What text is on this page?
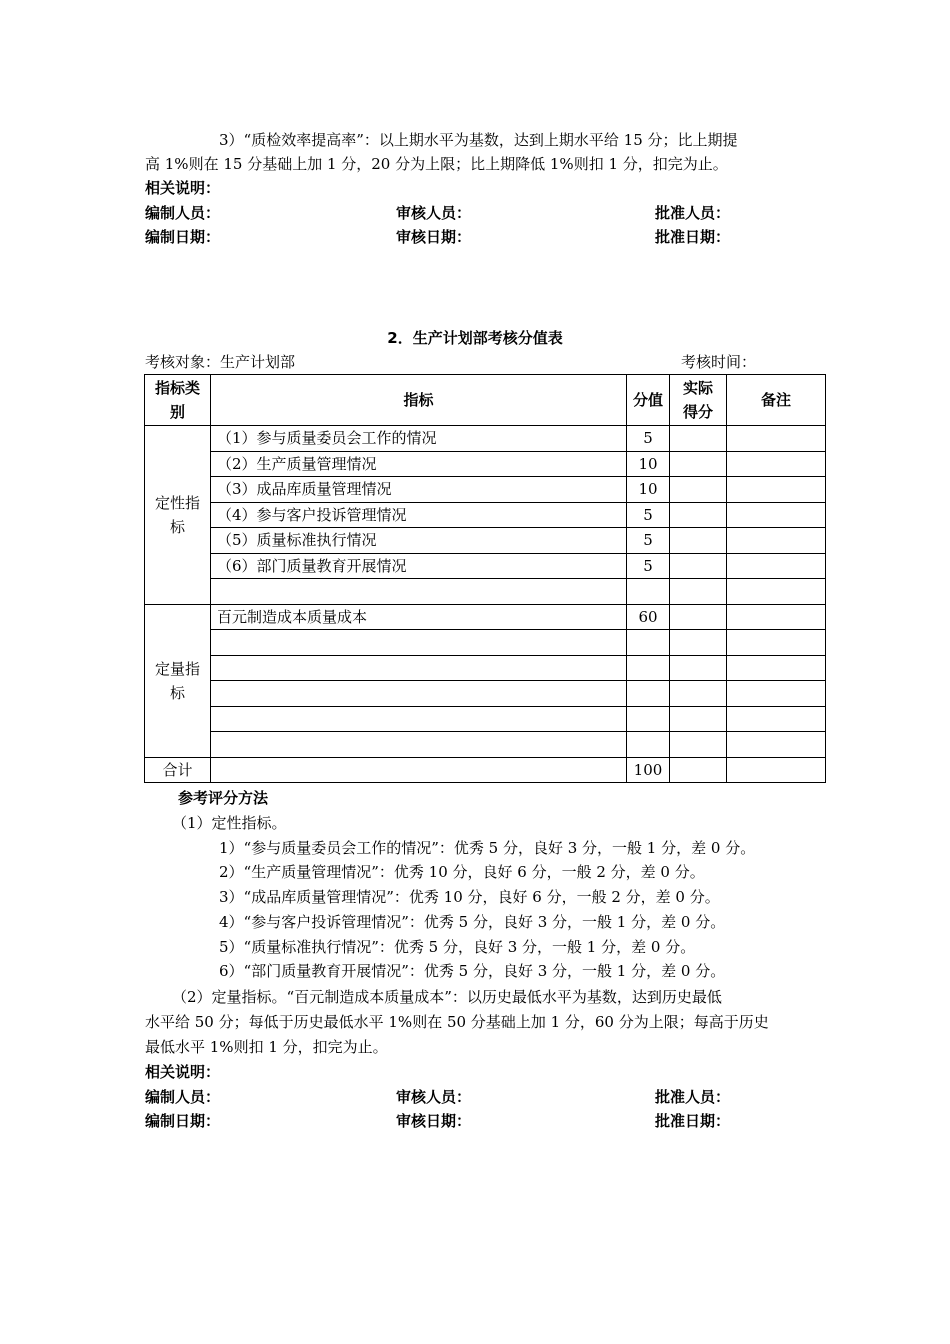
3）“质检效率提高率”：以上期水平为基数，达到上期水平给 15 分；比上期提
高 1%则在 15 分基础上加 1 分，20 分为上限；比上期降低 1%则扣 1 分，扣完为止。
相关说明：
编制人员：	审核人员：	批准人员：
编制日期：	审核日期：	批准日期：
2．生产计划部考核分值表
考核对象：生产计划部	考核时间：
指标类别	指标	分值	实际得分	备注
定性指标	（1）参与质量委员会工作的情况	5		
	（2）生产质量管理情况	10		
	（3）成品库质量管理情况	10		
	（4）参与客户投诉管理情况	5		
	（5）质量标准执行情况	5		
	（6）部门质量教育开展情况	5		

定量指标	百元制造成本质量成本	60		

合计		100		
参考评分方法
（1）定性指标。
1）“参与质量委员会工作的情况”：优秀 5 分，良好 3 分，一般 1 分，差 0 分。
2）“生产质量管理情况”：优秀 10 分，良好 6 分，一般 2 分，差 0 分。
3）“成品库质量管理情况”：优秀 10 分，良好 6 分，一般 2 分，差 0 分。
4）“参与客户投诉管理情况”：优秀 5 分，良好 3 分，一般 1 分，差 0 分。
5）“质量标准执行情况”：优秀 5 分，良好 3 分，一般 1 分，差 0 分。
6）“部门质量教育开展情况”：优秀 5 分，良好 3 分，一般 1 分，差 0 分。
（2）定量指标。“百元制造成本质量成本”：以历史最低水平为基数，达到历史最低
水平给 50 分；每低于历史最低水平 1%则在 50 分基础上加 1 分，60 分为上限；每高于历史
最低水平 1%则扣 1 分，扣完为止。
相关说明：
编制人员：	审核人员：	批准人员：
编制日期：	审核日期：	批准日期：
